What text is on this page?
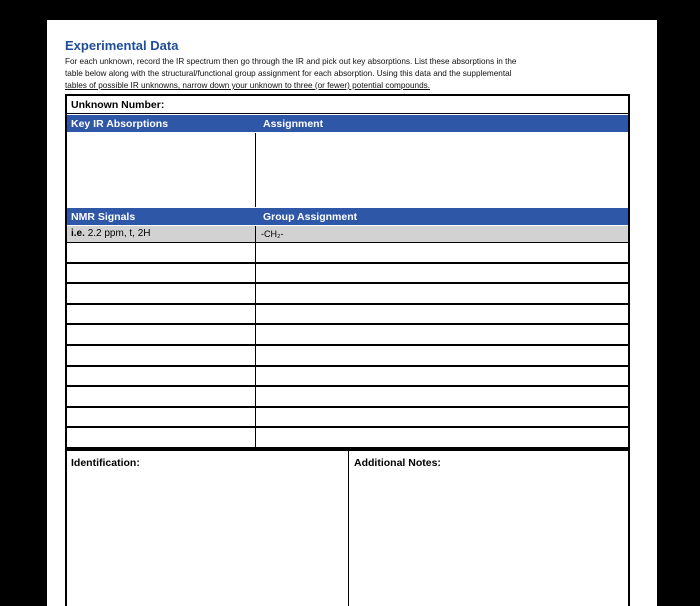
Experimental Data
For each unknown, record the IR spectrum then go through the IR and pick out key absorptions. List these absorptions in the
table below along with the structural/functional group assignment for each absorption. Using this data and the supplemental
tables of possible IR unknowns, narrow down your unknown to three (or fewer) potential compounds.
Unknown Number:
Key IR Absorptions	Assignment
NMR Signals	Group Assignment
i.e. 2.2 ppm, t, 2H	-CH₂-
Identification:	Additional Notes:
